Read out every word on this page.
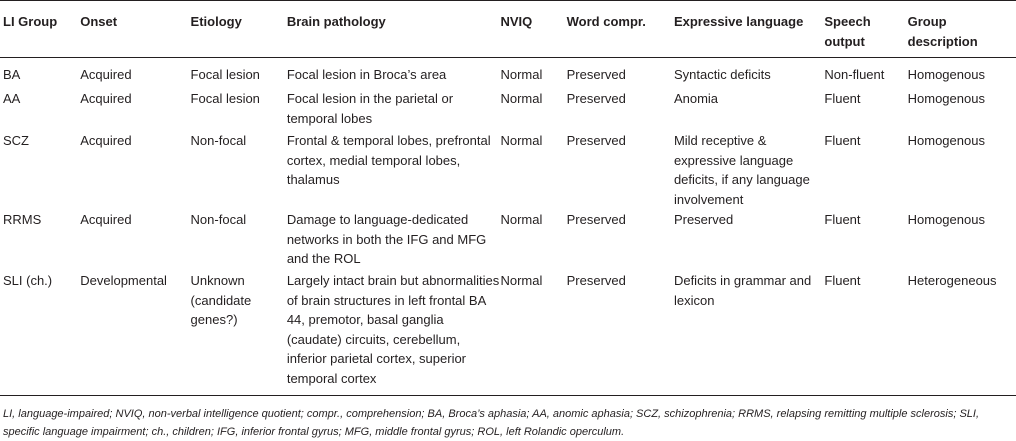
LI Group	Onset	Etiology	Brain pathology	NVIQ	Word compr.	Expressive language	Speech output	Group description
BA	Acquired	Focal lesion	Focal lesion in Broca’s area	Normal	Preserved	Syntactic deficits	Non-fluent	Homogenous
AA	Acquired	Focal lesion	Focal lesion in the parietal or temporal lobes	Normal	Preserved	Anomia	Fluent	Homogenous
SCZ	Acquired	Non-focal	Frontal & temporal lobes, prefrontal cortex, medial temporal lobes, thalamus	Normal	Preserved	Mild receptive & expressive language deficits, if any language involvement	Fluent	Homogenous
RRMS	Acquired	Non-focal	Damage to language-dedicated networks in both the IFG and MFG and the ROL	Normal	Preserved	Preserved	Fluent	Homogenous
SLI (ch.)	Developmental	Unknown (candidate genes?)	Largely intact brain but abnormalities of brain structures in left frontal BA 44, premotor, basal ganglia (caudate) circuits, cerebellum, inferior parietal cortex, superior temporal cortex	Normal	Preserved	Deficits in grammar and lexicon	Fluent	Heterogeneous
LI, language-impaired; NVIQ, non-verbal intelligence quotient; compr., comprehension; BA, Broca’s aphasia; AA, anomic aphasia; SCZ, schizophrenia; RRMS, relapsing remitting multiple sclerosis; SLI, specific language impairment; ch., children; IFG, inferior frontal gyrus; MFG, middle frontal gyrus; ROL, left Rolandic operculum.
